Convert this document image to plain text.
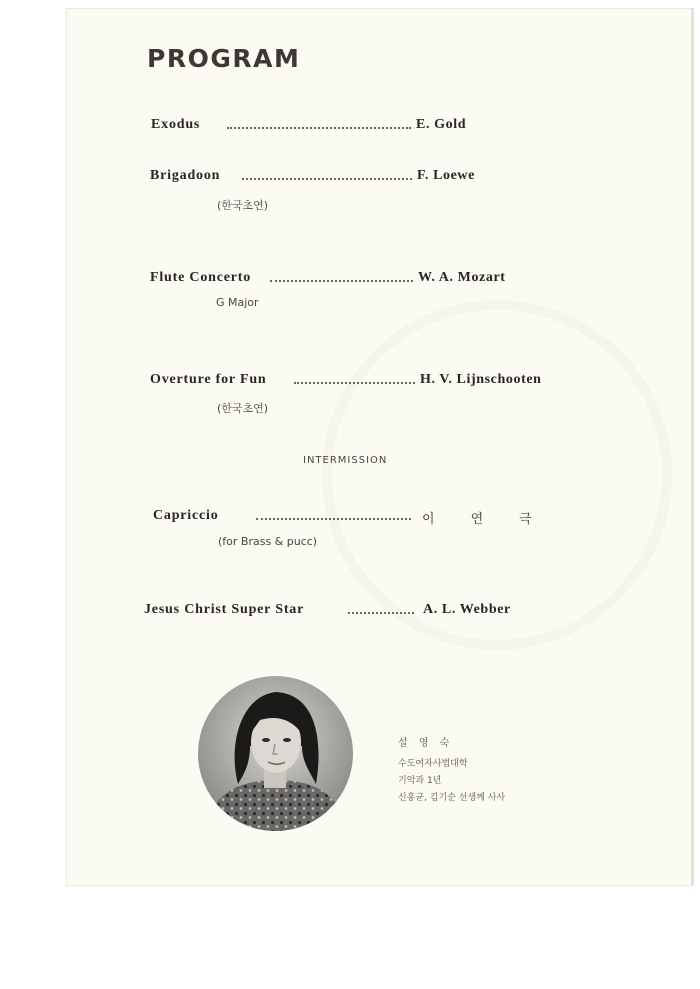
PROGRAM
Exodus	E. Gold
Brigadoon	F. Loewe
(한국초연)
Flute Concerto	W. A. Mozart
G Major
Overture for Fun	H. V. Lijnschooten
(한국초연)
INTERMISSION
Capriccio	이	연	극
(for Brass & pucc)
Jesus Christ Super Star	A. L. Webber
설 영 숙
수도여자사범대학
기악과 1년
신홍균, 김기순 선생께 사사
